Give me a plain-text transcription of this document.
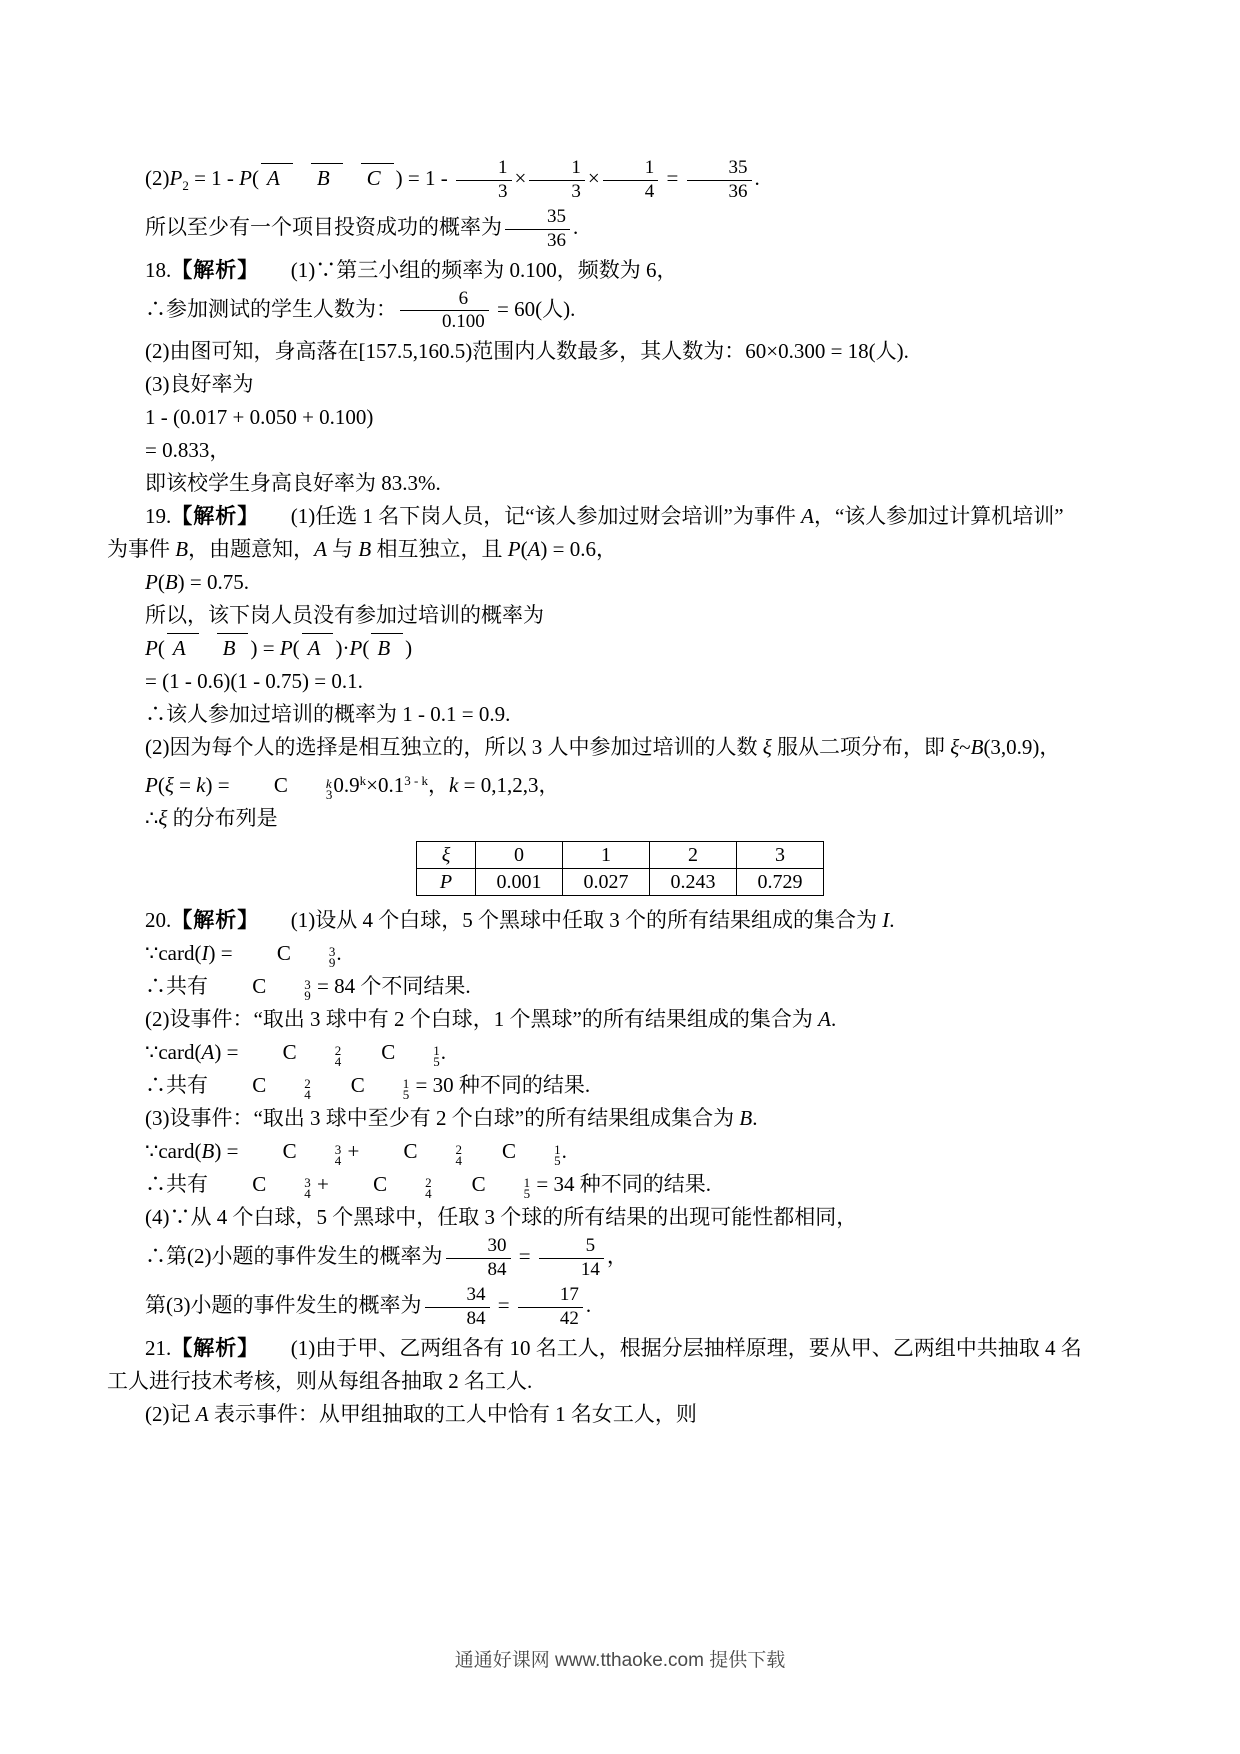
$(2)P_2 = 1 - P$( A B C ) = $1 - \frac{1}{3} \times \frac{1}{3} \times \frac{1}{4} = \frac{35}{36}$ .

所以至少有一个项目投资成功的概率为 $\frac{35}{36}$ .

18.【解析】　　(1)∵第三小组的频率为 0.100，频数为 6，

∴参加测试的学生人数为： $\frac{6}{0.100} = 60$(人).

(2)由图可知，身高落在[157.5,160.5)范围内人数最多，其人数为：60×0.300 = 18(人).

(3)良好率为

1 - (0.017 + 0.050 + 0.100)

= 0.833，

即该校学生身高良好率为 83.3%.

19.【解析】　　(1)任选 1 名下岗人员，记“该人参加过财会培训”为事件 A，“该人参加过计算机培训”

为事件 B，由题意知，A 与 B 相互独立，且 P(A) = 0.6，

P(B) = 0.75.

所以，该下岗人员没有参加过培训的概率为

P( A B ) = P( A )·P( B )

= (1 - 0.6)(1 - 0.75) = 0.1.

∴该人参加过培训的概率为 1 - 0.1 = 0.9.

(2)因为每个人的选择是相互独立的，所以 3 人中参加过培训的人数 ξ 服从二项分布，即 ξ~B(3,0.9)，

P(ξ = k) = C	k
3 $0.9^k\times 0.1^{3 - k}$，k = 0,1,2,3，

∴ξ 的分布列是

ξ	0	1	2	3
P	0.001	0.027	0.243	0.729

20.【解析】　　(1)设从 4 个白球，5 个黑球中任取 3 个的所有结果组成的集合为 I.

∵card(I) = C	3
9 .

∴共有 C	3
9 = 84 个不同结果.

(2)设事件：“取出 3 球中有 2 个白球，1 个黑球”的所有结果组成的集合为 A.

∵card(A) = C	2
4 C	1
5 .

∴共有 C	2
4 C	1
5 = 30 种不同的结果.

(3)设事件：“取出 3 球中至少有 2 个白球”的所有结果组成集合为 B.

∵card(B) = C	3
4 + C	2
4 C	1
5 .

∴共有 C	3
4 + C	2
4 C	1
5 = 34 种不同的结果.

(4)∵从 4 个白球，5 个黑球中，任取 3 个球的所有结果的出现可能性都相同，

∴第(2)小题的事件发生的概率为 $\frac{30}{84} = \frac{5}{14}$ ，

第(3)小题的事件发生的概率为 $\frac{34}{84} = \frac{17}{42}$ .

21.【解析】　　(1)由于甲、乙两组各有 10 名工人，根据分层抽样原理，要从甲、乙两组中共抽取 4 名

工人进行技术考核，则从每组各抽取 2 名工人.

(2)记 A 表示事件：从甲组抽取的工人中恰有 1 名女工人，则

通通好课网 www.tthaoke.com 提供下载
